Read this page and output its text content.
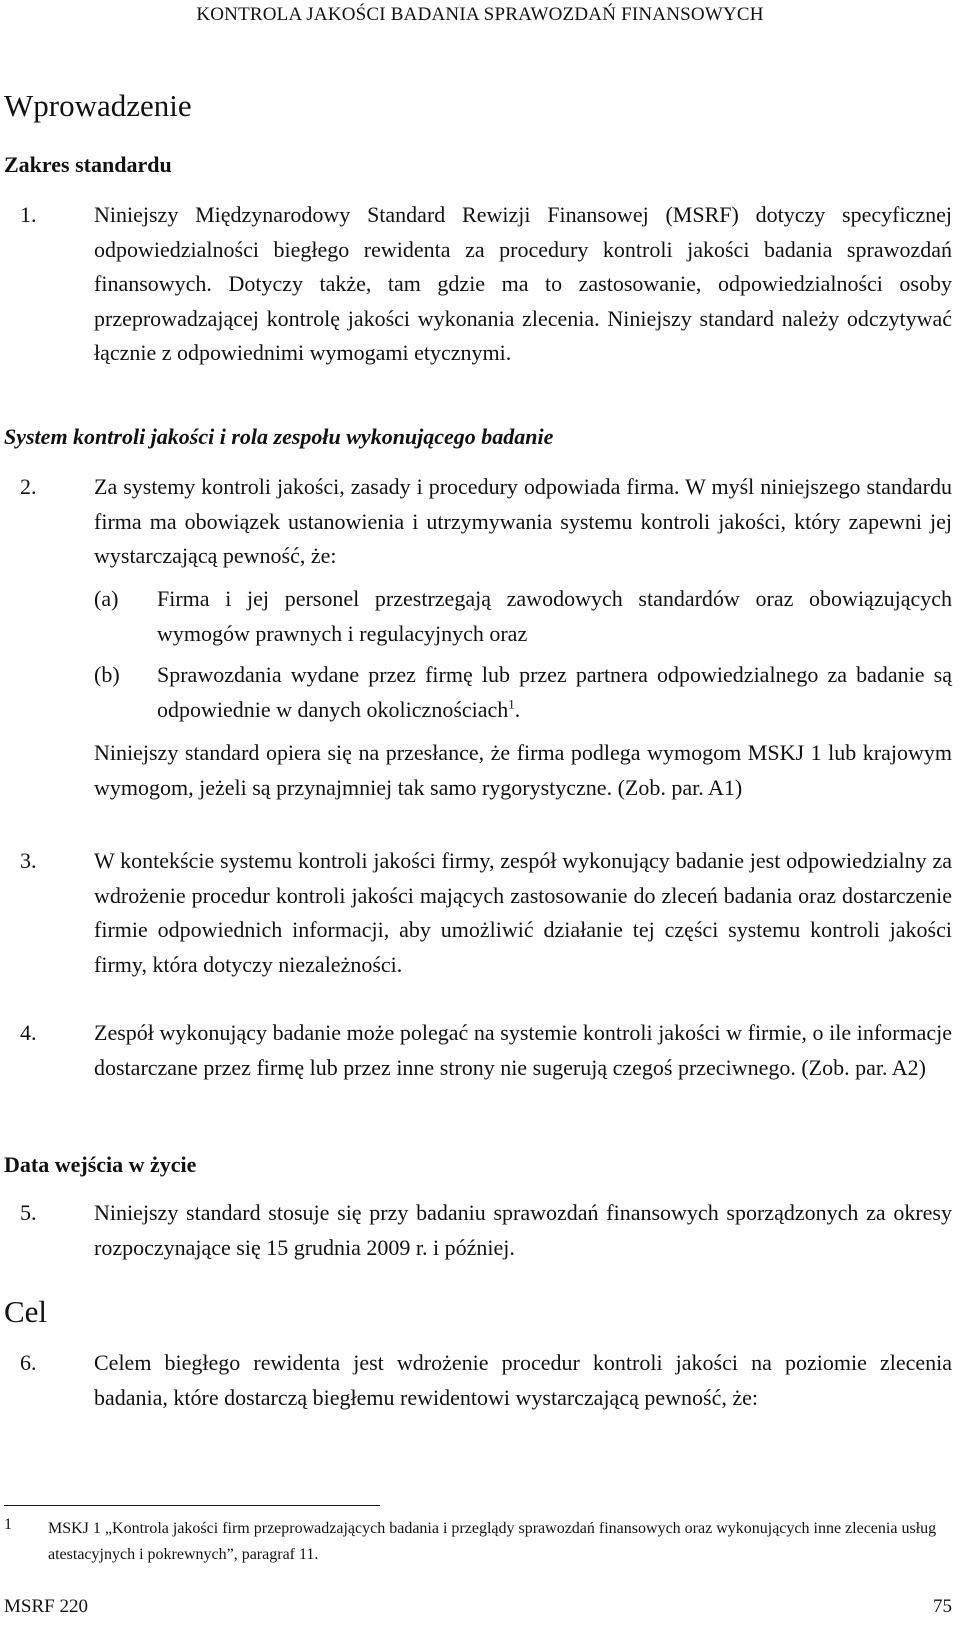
KONTROLA JAKOŚCI BADANIA SPRAWOZDAŃ FINANSOWYCH
Wprowadzenie
Zakres standardu
1.	Niniejszy Międzynarodowy Standard Rewizji Finansowej (MSRF) dotyczy specyficznej odpowiedzialności biegłego rewidenta za procedury kontroli jakości badania sprawozdań finansowych. Dotyczy także, tam gdzie ma to zastosowanie, odpowiedzialności osoby przeprowadzającej kontrolę jakości wykonania zlecenia. Niniejszy standard należy odczytywać łącznie z odpowiednimi wymogami etycznymi.

System kontroli jakości i rola zespołu wykonującego badanie
2.	Za systemy kontroli jakości, zasady i procedury odpowiada firma. W myśl niniejszego standardu firma ma obowiązek ustanowienia i utrzymywania systemu kontroli jakości, który zapewni jej wystarczającą pewność, że:

(a) Firma i jej personel przestrzegają zawodowych standardów oraz obowiązujących wymogów prawnych i regulacyjnych oraz

(b) Sprawozdania wydane przez firmę lub przez partnera odpowiedzialnego za badanie są odpowiednie w danych okolicznościach$^1$.

Niniejszy standard opiera się na przesłance, że firma podlega wymogom MSKJ 1 lub krajowym wymogom, jeżeli są przynajmniej tak samo rygorystyczne. (Zob. par. A1)

3.	W kontekście systemu kontroli jakości firmy, zespół wykonujący badanie jest odpowiedzialny za wdrożenie procedur kontroli jakości mających zastosowanie do zleceń badania oraz dostarczenie firmie odpowiednich informacji, aby umożliwić działanie tej części systemu kontroli jakości firmy, która dotyczy niezależności.

4.	Zespół wykonujący badanie może polegać na systemie kontroli jakości w firmie, o ile informacje dostarczane przez firmę lub przez inne strony nie sugerują czegoś przeciwnego. (Zob. par. A2)

Data wejścia w życie
5.	Niniejszy standard stosuje się przy badaniu sprawozdań finansowych sporządzonych za okresy rozpoczynające się 15 grudnia 2009 r. i później.

Cel
6.	Celem biegłego rewidenta jest wdrożenie procedur kontroli jakości na poziomie zlecenia badania, które dostarczą biegłemu rewidentowi wystarczającą pewność, że:

1 MSKJ 1 „Kontrola jakości firm przeprowadzających badania i przeglądy sprawozdań finansowych oraz wykonujących inne zlecenia usług atestacyjnych i pokrewnych”, paragraf 11.

MSRF 220	75
